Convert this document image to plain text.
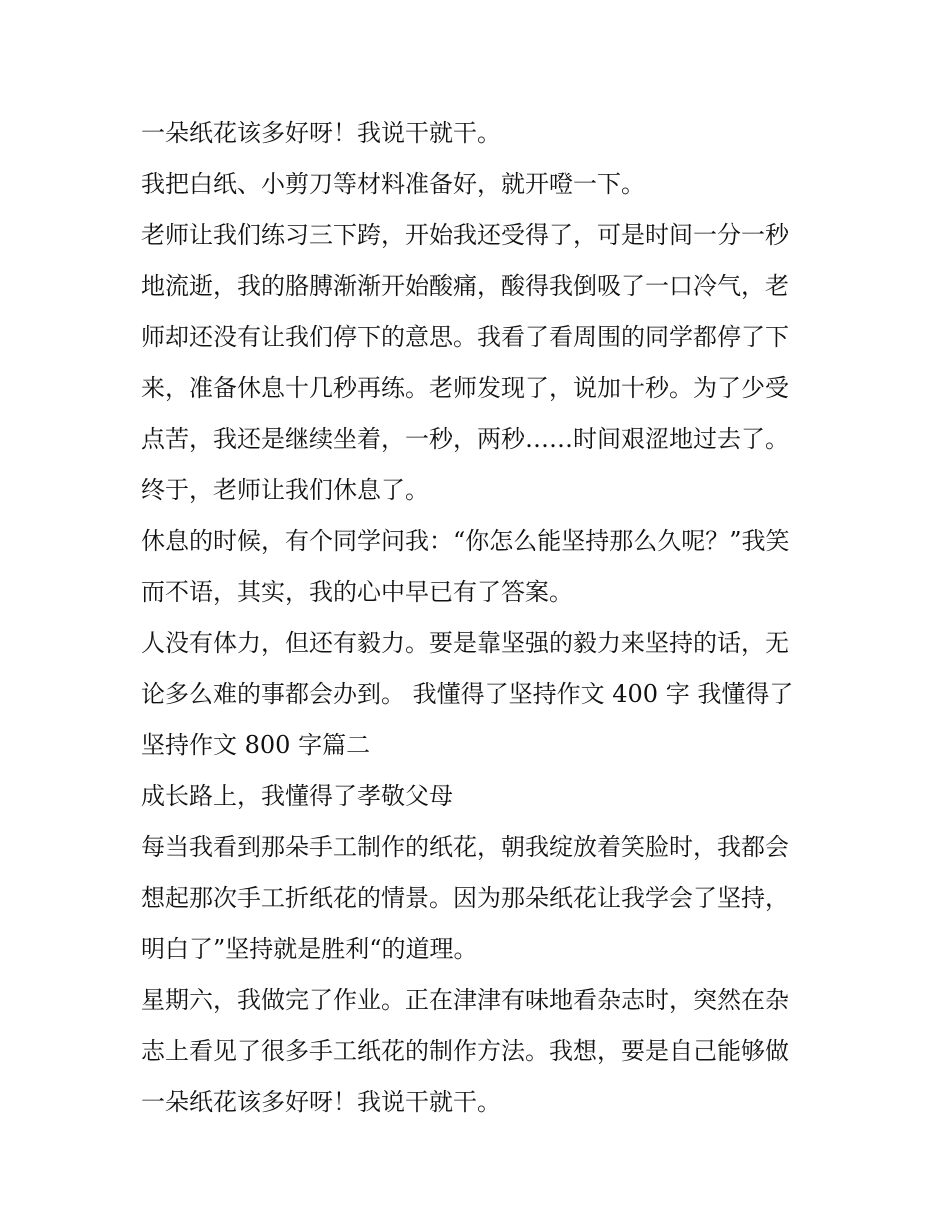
一朵纸花该多好呀！我说干就干。
我把白纸、小剪刀等材料准备好，就开噔一下。
老师让我们练习三下跨，开始我还受得了，可是时间一分一秒
地流逝，我的胳膊渐渐开始酸痛，酸得我倒吸了一口冷气，老
师却还没有让我们停下的意思。我看了看周围的同学都停了下
来，准备休息十几秒再练。老师发现了，说加十秒。为了少受
点苦，我还是继续坐着，一秒，两秒……时间艰涩地过去了。
终于，老师让我们休息了。
休息的时候，有个同学问我：“你怎么能坚持那么久呢？”我笑
而不语，其实，我的心中早已有了答案。
人没有体力，但还有毅力。要是靠坚强的毅力来坚持的话，无
论多么难的事都会办到。 我懂得了坚持作文 400 字 我懂得了
坚持作文 800 字篇二
成长路上，我懂得了孝敬父母
每当我看到那朵手工制作的纸花，朝我绽放着笑脸时，我都会
想起那次手工折纸花的情景。因为那朵纸花让我学会了坚持，
明白了”坚持就是胜利“的道理。
星期六，我做完了作业。正在津津有味地看杂志时，突然在杂
志上看见了很多手工纸花的制作方法。我想，要是自己能够做
一朵纸花该多好呀！我说干就干。
